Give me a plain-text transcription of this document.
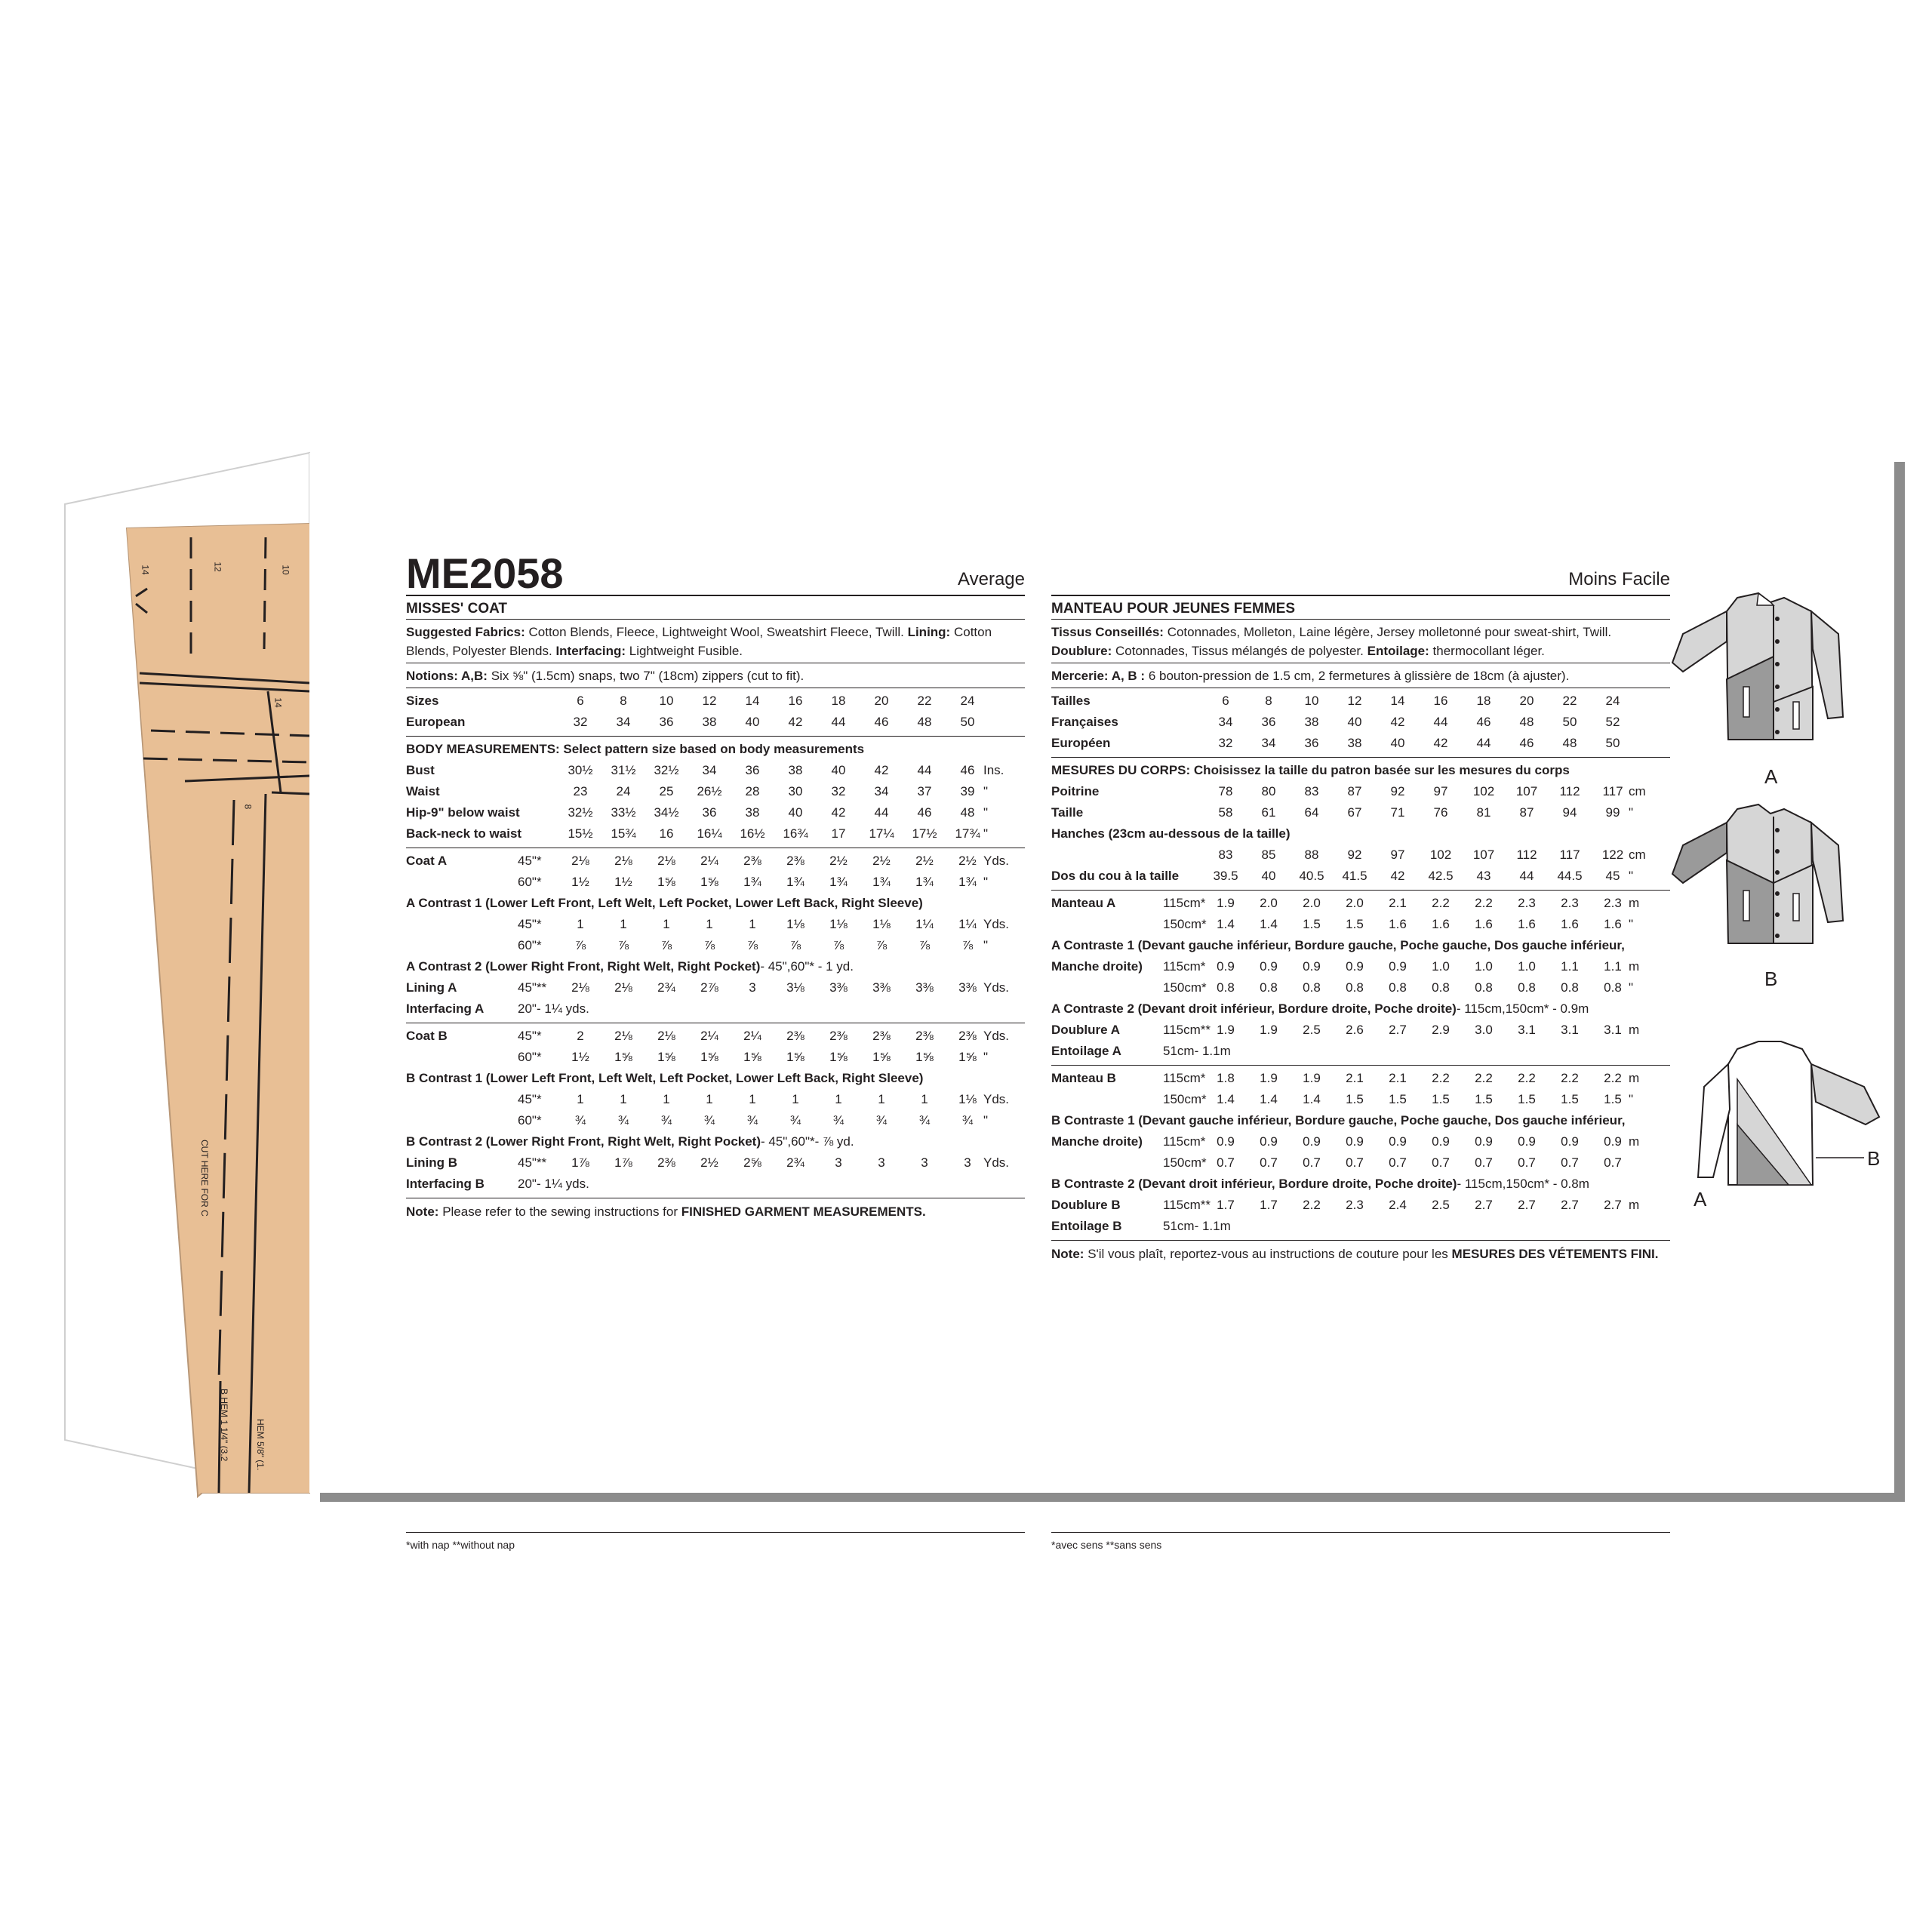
14	12	10
14
8
CUT HERE FOR C
HEM 5/8" (1.
B HEM 1 1/4" (3.2
ME2058	Average
MISSES' COAT
Suggested Fabrics: Cotton Blends, Fleece, Lightweight Wool, Sweatshirt Fleece, Twill. Lining: Cotton Blends, Polyester Blends. Interfacing: Lightweight Fusible.
Notions: A,B: Six ⅝" (1.5cm) snaps, two 7" (18cm) zippers (cut to fit).
Sizes	6	8	10	12	14	16	18	20	22	24
European	32	34	36	38	40	42	44	46	48	50
BODY MEASUREMENTS: Select pattern size based on body measurements
Bust	30½	31½	32½	34	36	38	40	42	44	46 Ins.
Waist	23	24	25	26½	28	30	32	34	37	39 "
Hip-9" below waist	32½	33½	34½	36	38	40	42	44	46	48 "
Back-neck to waist	15½	15¾	16	16¼	16½	16¾	17	17¼	17½	17¾ "
Coat A	45"*	2⅛	2⅛	2⅛	2¼	2⅜	2⅜	2½	2½	2½	2½ Yds.
60"*	1½	1½	1⅝	1⅝	1¾	1¾	1¾	1¾	1¾	1¾ "
A Contrast 1 (Lower Left Front, Left Welt, Left Pocket, Lower Left Back, Right Sleeve)
45"*	1	1	1	1	1	1⅛	1⅛	1⅛	1¼	1¼ Yds.
60"*	⅞	⅞	⅞	⅞	⅞	⅞	⅞	⅞	⅞	⅞ "
A Contrast 2 (Lower Right Front, Right Welt, Right Pocket)- 45",60"* - 1 yd.
Lining A	45"**	2⅛	2⅛	2¾	2⅞	3	3⅛	3⅜	3⅜	3⅜	3⅜ Yds.
Interfacing A	20"- 1¼ yds.
Coat B	45"*	2	2⅛	2⅛	2¼	2¼	2⅜	2⅜	2⅜	2⅜	2⅜ Yds.
60"*	1½	1⅝	1⅝	1⅝	1⅝	1⅝	1⅝	1⅝	1⅝	1⅝ "
B Contrast 1 (Lower Left Front, Left Welt, Left Pocket, Lower Left Back, Right Sleeve)
45"*	1	1	1	1	1	1	1	1	1	1⅛ Yds.
60"*	¾	¾	¾	¾	¾	¾	¾	¾	¾	¾ "
B Contrast 2 (Lower Right Front, Right Welt, Right Pocket)- 45",60"*- ⅞ yd.
Lining B	45"**	1⅞	1⅞	2⅜	2½	2⅝	2¾	3	3	3	3 Yds.
Interfacing B	20"- 1¼ yds.
Note: Please refer to the sewing instructions for FINISHED GARMENT MEASUREMENTS.
*with nap **without nap
Moins Facile
MANTEAU POUR JEUNES FEMMES
Tissus Conseillés: Cotonnades, Molleton, Laine légère, Jersey molletonné pour sweat-shirt, Twill. Doublure: Cotonnades, Tissus mélangés de polyester. Entoilage: thermocollant léger.
Mercerie: A, B : 6 bouton-pression de 1.5 cm, 2 fermetures à glissière de 18cm (à ajuster).
Tailles	6	8	10	12	14	16	18	20	22	24
Françaises	34	36	38	40	42	44	46	48	50	52
Européen	32	34	36	38	40	42	44	46	48	50
MESURES DU CORPS: Choisissez la taille du patron basée sur les mesures du corps
Poitrine	78	80	83	87	92	97	102	107	112	117 cm
Taille	58	61	64	67	71	76	81	87	94	99 "
Hanches (23cm au-dessous de la taille)
83	85	88	92	97	102	107	112	117	122 cm
Dos du cou à la taille	39.5	40	40.5	41.5	42	42.5	43	44	44.5	45 "
Manteau A	115cm* 1.9	2.0	2.0	2.0	2.1	2.2	2.2	2.3	2.3	2.3 m
150cm* 1.4	1.4	1.5	1.5	1.6	1.6	1.6	1.6	1.6	1.6 "
A Contraste 1 (Devant gauche inférieur, Bordure gauche, Poche gauche, Dos gauche inférieur,
Manche droite) 115cm* 0.9	0.9	0.9	0.9	0.9	1.0	1.0	1.0	1.1	1.1 m
150cm* 0.8	0.8	0.8	0.8	0.8	0.8	0.8	0.8	0.8	0.8 "
A Contraste 2 (Devant droit inférieur, Bordure droite, Poche droite)- 115cm,150cm* - 0.9m
Doublure A	115cm** 1.9	1.9	2.5	2.6	2.7	2.9	3.0	3.1	3.1	3.1 m
Entoilage A	51cm- 1.1m
Manteau B	115cm* 1.8	1.9	1.9	2.1	2.1	2.2	2.2	2.2	2.2	2.2 m
150cm* 1.4	1.4	1.4	1.5	1.5	1.5	1.5	1.5	1.5	1.5 "
B Contraste 1 (Devant gauche inférieur, Bordure gauche, Poche gauche, Dos gauche inférieur,
Manche droite) 115cm* 0.9	0.9	0.9	0.9	0.9	0.9	0.9	0.9	0.9	0.9 m
150cm* 0.7	0.7	0.7	0.7	0.7	0.7	0.7	0.7	0.7	0.7
B Contraste 2 (Devant droit inférieur, Bordure droite, Poche droite)- 115cm,150cm* - 0.8m
Doublure B	115cm** 1.7	1.7	2.2	2.3	2.4	2.5	2.7	2.7	2.7	2.7 m
Entoilage B	51cm- 1.1m
Note: S'il vous plaît, reportez-vous au instructions de couture pour les MESURES DES VÉTEMENTS FINI.
*avec sens **sans sens
A
B
B
A
